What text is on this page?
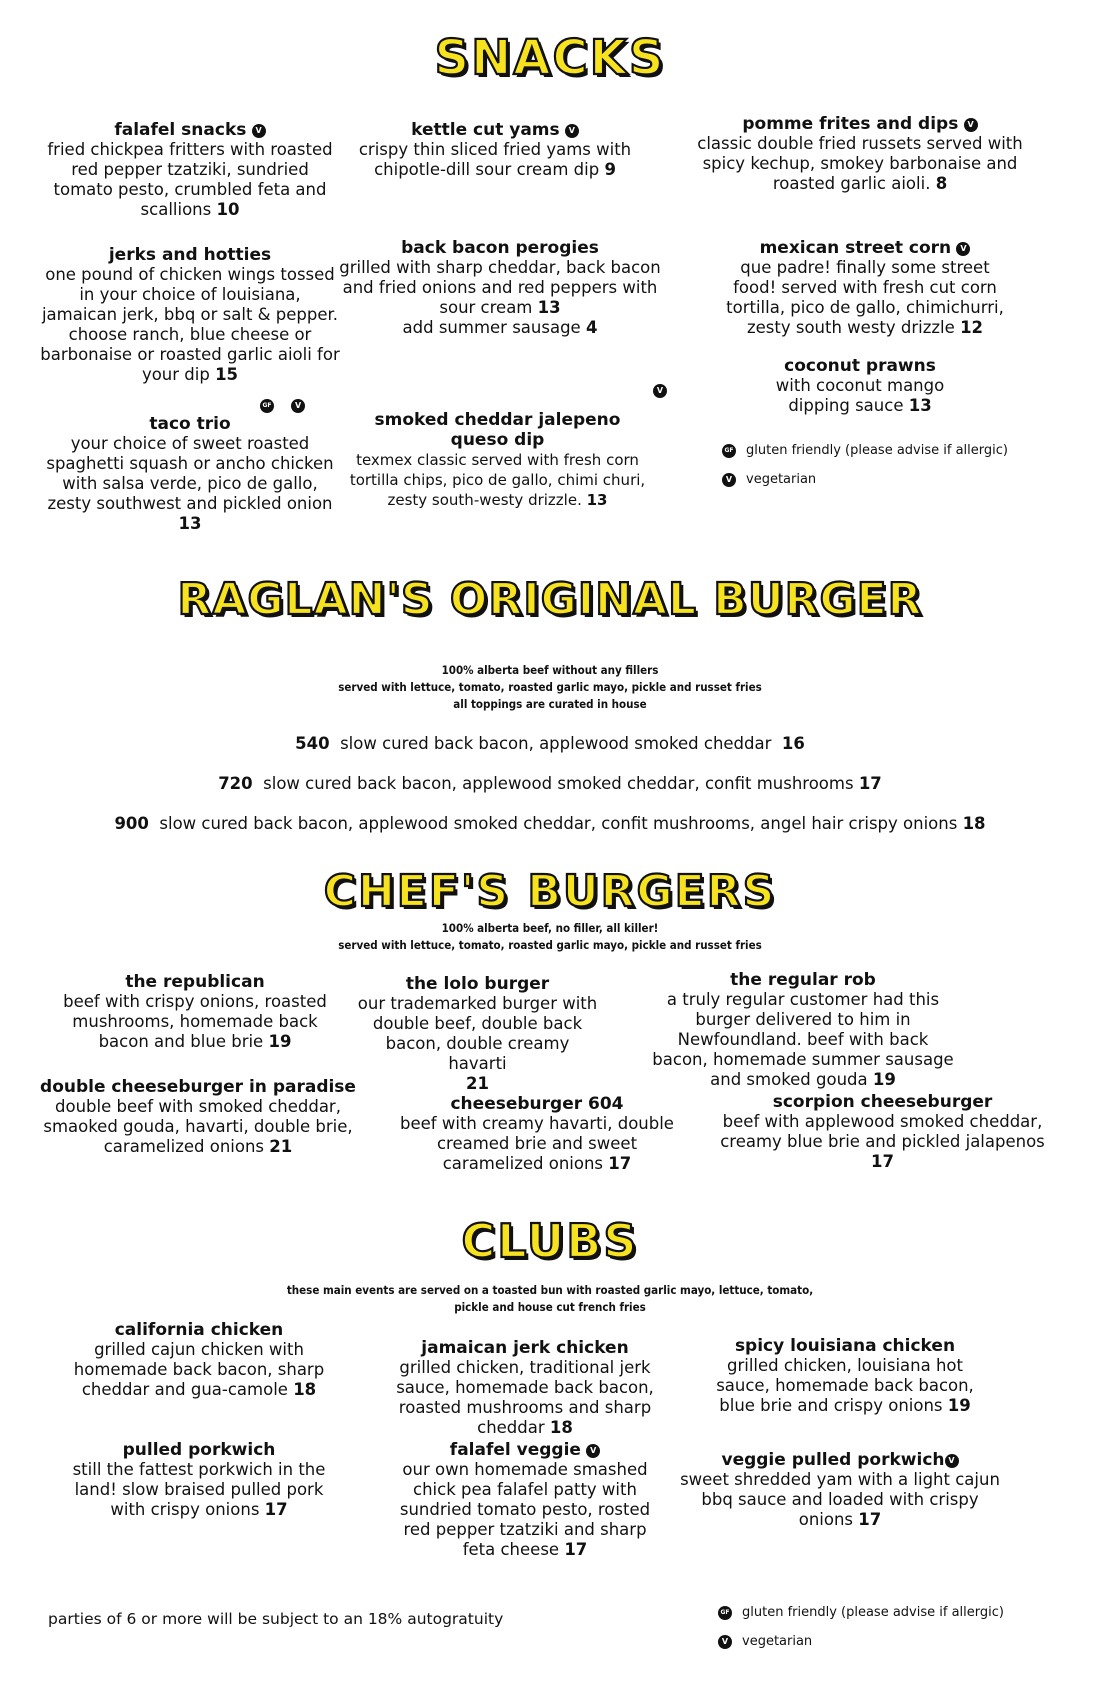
SNACKS
falafel snacks V
fried chickpea fritters with roasted red pepper tzatziki, sundried tomato pesto, crumbled feta and scallions 10
kettle cut yams V
crispy thin sliced fried yams with chipotle-dill sour cream dip 9
pomme frites and dips V
classic double fried russets served with spicy kechup, smokey barbonaise and roasted garlic aioli. 8
jerks and hotties
one pound of chicken wings tossed in your choice of louisiana, jamaican jerk, bbq or salt & pepper. choose ranch, blue cheese or barbonaise or roasted garlic aioli for your dip 15
back bacon perogies
grilled with sharp cheddar, back bacon and fried onions and red peppers with sour cream 13
add summer sausage 4
mexican street corn V
que padre! finally some street food! served with fresh cut corn tortilla, pico de gallo, chimichurri, zesty south westy drizzle 12
coconut prawns
with coconut mango dipping sauce 13
GF	V
taco trio
your choice of sweet roasted spaghetti squash or ancho chicken with salsa verde, pico de gallo, zesty southwest and pickled onion 13
V
smoked cheddar jalepeno queso dip
texmex classic served with fresh corn tortilla chips, pico de gallo, chimi churi, zesty south-westy drizzle. 13
GF gluten friendly (please advise if allergic)
V vegetarian
RAGLAN'S ORIGINAL BURGER
100% alberta beef without any fillers
served with lettuce, tomato, roasted garlic mayo, pickle and russet fries
all toppings are curated in house
540 slow cured back bacon, applewood smoked cheddar 16
720 slow cured back bacon, applewood smoked cheddar, confit mushrooms 17
900 slow cured back bacon, applewood smoked cheddar, confit mushrooms, angel hair crispy onions 18
CHEF'S BURGERS
100% alberta beef, no filler, all killer!
served with lettuce, tomato, roasted garlic mayo, pickle and russet fries
the republican
beef with crispy onions, roasted mushrooms, homemade back bacon and blue brie 19
the lolo burger
our trademarked burger with double beef, double back bacon, double creamy havarti
21
the regular rob
a truly regular customer had this burger delivered to him in Newfoundland. beef with back bacon, homemade summer sausage and smoked gouda 19
double cheeseburger in paradise
double beef with smoked cheddar, smaoked gouda, havarti, double brie, caramelized onions 21
cheeseburger 604
beef with creamy havarti, double creamed brie and sweet caramelized onions 17
scorpion cheeseburger
beef with applewood smoked cheddar, creamy blue brie and pickled jalapenos 17
CLUBS
these main events are served on a toasted bun with roasted garlic mayo, lettuce, tomato,
pickle and house cut french fries
california chicken
grilled cajun chicken with homemade back bacon, sharp cheddar and gua-camole 18
jamaican jerk chicken
grilled chicken, traditional jerk sauce, homemade back bacon, roasted mushrooms and sharp cheddar 18
spicy louisiana chicken
grilled chicken, louisiana hot sauce, homemade back bacon, blue brie and crispy onions 19
pulled porkwich
still the fattest porkwich in the land! slow braised pulled pork with crispy onions 17
falafel veggie V
our own homemade smashed chick pea falafel patty with sundried tomato pesto, rosted red pepper tzatziki and sharp feta cheese 17
veggie pulled porkwich V
sweet shredded yam with a light cajun bbq sauce and loaded with crispy onions 17
GF gluten friendly (please advise if allergic)
V vegetarian
parties of 6 or more will be subject to an 18% autogratuity
